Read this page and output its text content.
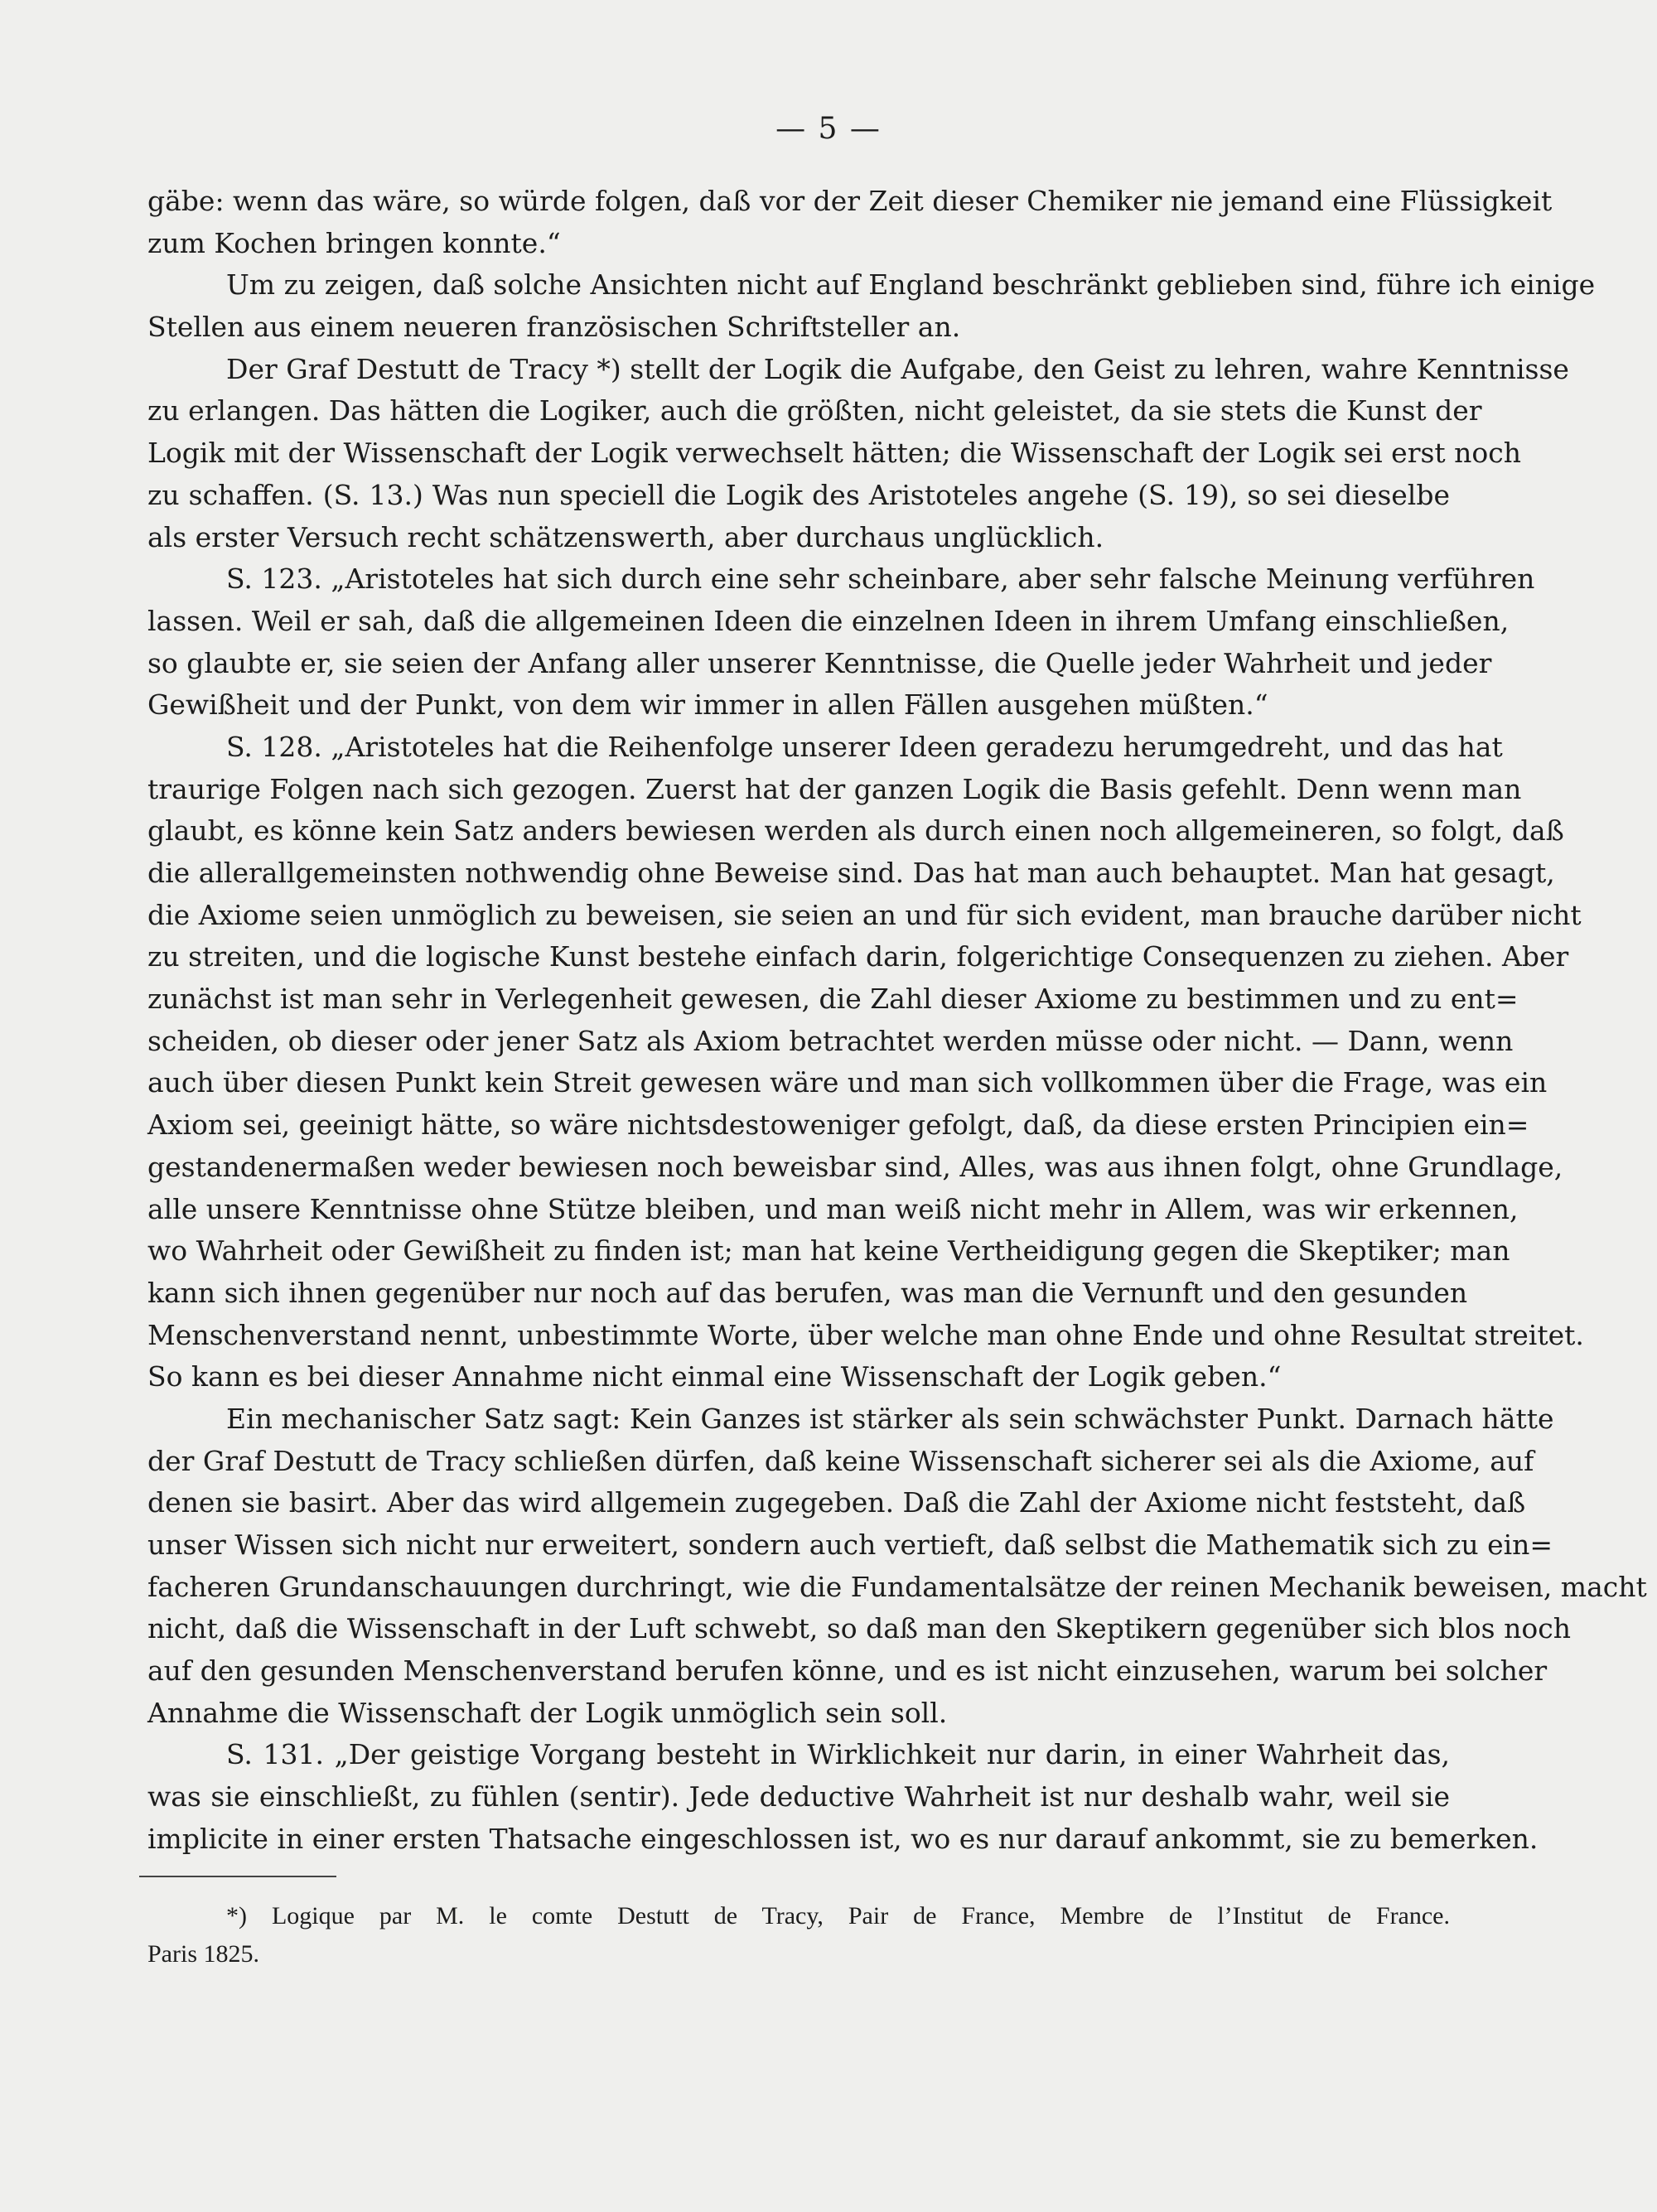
— 5 —
gäbe: wenn das wäre, so würde folgen, daß vor der Zeit dieser Chemiker nie jemand eine Flüssigkeit
zum Kochen bringen konnte.“
Um zu zeigen, daß solche Ansichten nicht auf England beschränkt geblieben sind, führe ich einige
Stellen aus einem neueren französischen Schriftsteller an.
Der Graf Destutt de Tracy *) stellt der Logik die Aufgabe, den Geist zu lehren, wahre Kenntnisse
zu erlangen. Das hätten die Logiker, auch die größten, nicht geleistet, da sie stets die Kunst der
Logik mit der Wissenschaft der Logik verwechselt hätten; die Wissenschaft der Logik sei erst noch
zu schaffen. (S. 13.) Was nun speciell die Logik des Aristoteles angehe (S. 19), so sei dieselbe
als erster Versuch recht schätzenswerth, aber durchaus unglücklich.
S. 123. „Aristoteles hat sich durch eine sehr scheinbare, aber sehr falsche Meinung verführen
lassen. Weil er sah, daß die allgemeinen Ideen die einzelnen Ideen in ihrem Umfang einschließen,
so glaubte er, sie seien der Anfang aller unserer Kenntnisse, die Quelle jeder Wahrheit und jeder
Gewißheit und der Punkt, von dem wir immer in allen Fällen ausgehen müßten.“
S. 128. „Aristoteles hat die Reihenfolge unserer Ideen geradezu herumgedreht, und das hat
traurige Folgen nach sich gezogen. Zuerst hat der ganzen Logik die Basis gefehlt. Denn wenn man
glaubt, es könne kein Satz anders bewiesen werden als durch einen noch allgemeineren, so folgt, daß
die allerallgemeinsten nothwendig ohne Beweise sind. Das hat man auch behauptet. Man hat gesagt,
die Axiome seien unmöglich zu beweisen, sie seien an und für sich evident, man brauche darüber nicht
zu streiten, und die logische Kunst bestehe einfach darin, folgerichtige Consequenzen zu ziehen. Aber
zunächst ist man sehr in Verlegenheit gewesen, die Zahl dieser Axiome zu bestimmen und zu ent=
scheiden, ob dieser oder jener Satz als Axiom betrachtet werden müsse oder nicht. — Dann, wenn
auch über diesen Punkt kein Streit gewesen wäre und man sich vollkommen über die Frage, was ein
Axiom sei, geeinigt hätte, so wäre nichtsdestoweniger gefolgt, daß, da diese ersten Principien ein=
gestandenermaßen weder bewiesen noch beweisbar sind, Alles, was aus ihnen folgt, ohne Grundlage,
alle unsere Kenntnisse ohne Stütze bleiben, und man weiß nicht mehr in Allem, was wir erkennen,
wo Wahrheit oder Gewißheit zu finden ist; man hat keine Vertheidigung gegen die Skeptiker; man
kann sich ihnen gegenüber nur noch auf das berufen, was man die Vernunft und den gesunden
Menschenverstand nennt, unbestimmte Worte, über welche man ohne Ende und ohne Resultat streitet.
So kann es bei dieser Annahme nicht einmal eine Wissenschaft der Logik geben.“
Ein mechanischer Satz sagt: Kein Ganzes ist stärker als sein schwächster Punkt. Darnach hätte
der Graf Destutt de Tracy schließen dürfen, daß keine Wissenschaft sicherer sei als die Axiome, auf
denen sie basirt. Aber das wird allgemein zugegeben. Daß die Zahl der Axiome nicht feststeht, daß
unser Wissen sich nicht nur erweitert, sondern auch vertieft, daß selbst die Mathematik sich zu ein=
facheren Grundanschauungen durchringt, wie die Fundamentalsätze der reinen Mechanik beweisen, macht
nicht, daß die Wissenschaft in der Luft schwebt, so daß man den Skeptikern gegenüber sich blos noch
auf den gesunden Menschenverstand berufen könne, und es ist nicht einzusehen, warum bei solcher
Annahme die Wissenschaft der Logik unmöglich sein soll.
S. 131. „Der geistige Vorgang besteht in Wirklichkeit nur darin, in einer Wahrheit das,
was sie einschließt, zu fühlen (sentir). Jede deductive Wahrheit ist nur deshalb wahr, weil sie
implicite in einer ersten Thatsache eingeschlossen ist, wo es nur darauf ankommt, sie zu bemerken.
*) Logique par M. le comte Destutt de Tracy, Pair de France, Membre de l’Institut de France.
Paris 1825.
